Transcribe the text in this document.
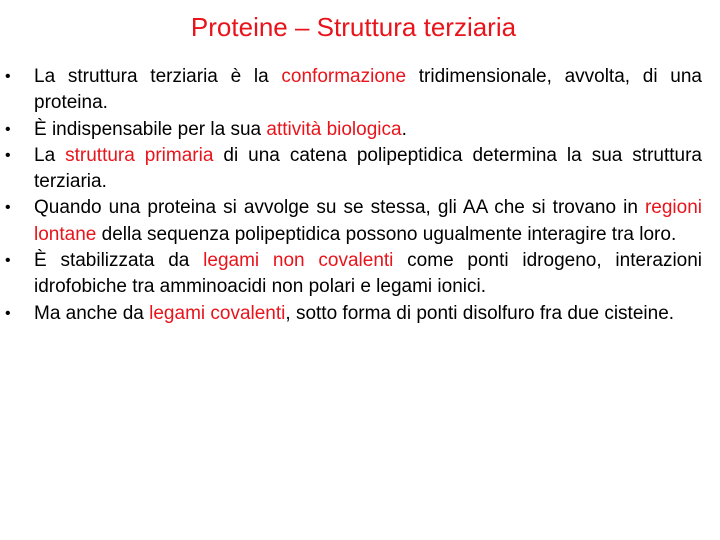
Proteine – Struttura terziaria
• La struttura terziaria è la conformazione tridimensionale, avvolta, di una proteina.
• È indispensabile per la sua attività biologica.
• La struttura primaria di una catena polipeptidica determina la sua struttura terziaria.
• Quando una proteina si avvolge su se stessa, gli AA che si trovano in regioni lontane della sequenza polipeptidica possono ugualmente interagire tra loro.
• È stabilizzata da legami non covalenti come ponti idrogeno, interazioni idrofobiche tra amminoacidi non polari e legami ionici.
• Ma anche da legami covalenti, sotto forma di ponti disolfuro fra due cisteine.
